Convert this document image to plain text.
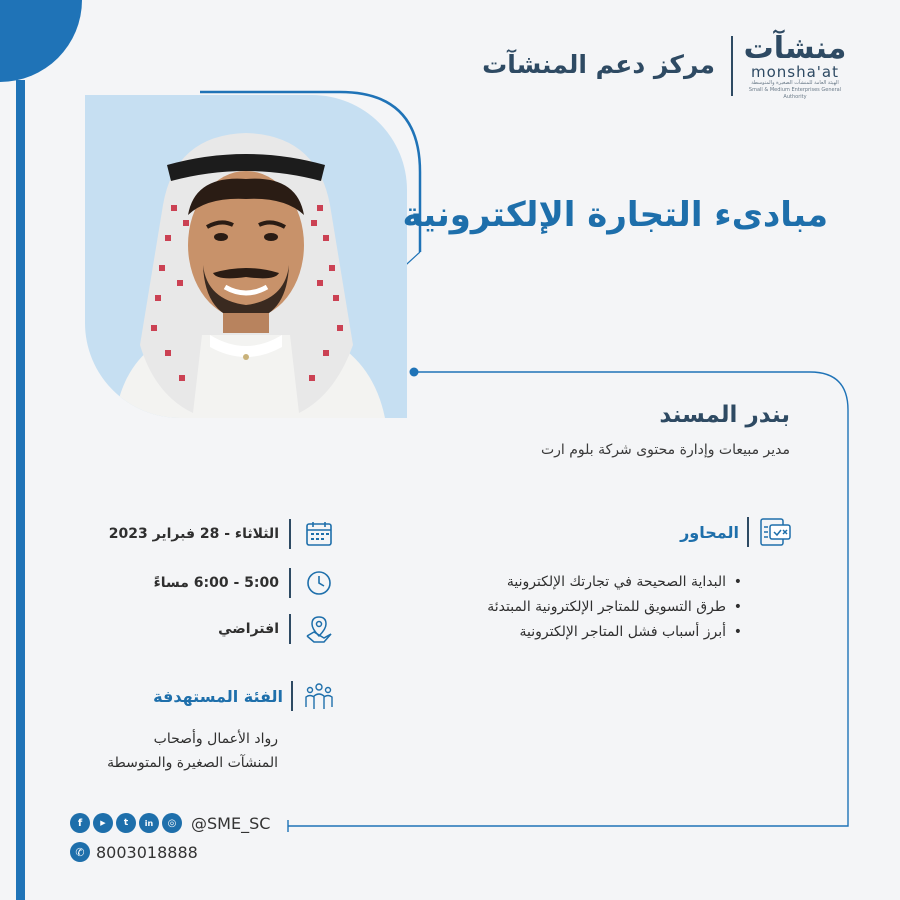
منشآت
monsha'at
الهيئة العامة للمنشآت الصغيرة والمتوسطة
Small & Medium Enterprises General Authority
مركز دعم المنشآت
مبادىء التجارة الإلكترونية
بندر المسند
مدير مبيعات وإدارة محتوى شركة بلوم ارت
المحاور
• البداية الصحيحة في تجارتك الإلكترونية
• طرق التسويق للمتاجر الإلكترونية المبتدئة
• أبرز أسباب فشل المتاجر الإلكترونية
الثلاثاء - 28 فبراير 2023
5:00 - 6:00 مساءً
افتراضي
الفئة المستهدفة
رواد الأعمال وأصحاب
المنشآت الصغيرة والمتوسطة
f	▶	t	in	◎ @SME_SC
✆ 8003018888
